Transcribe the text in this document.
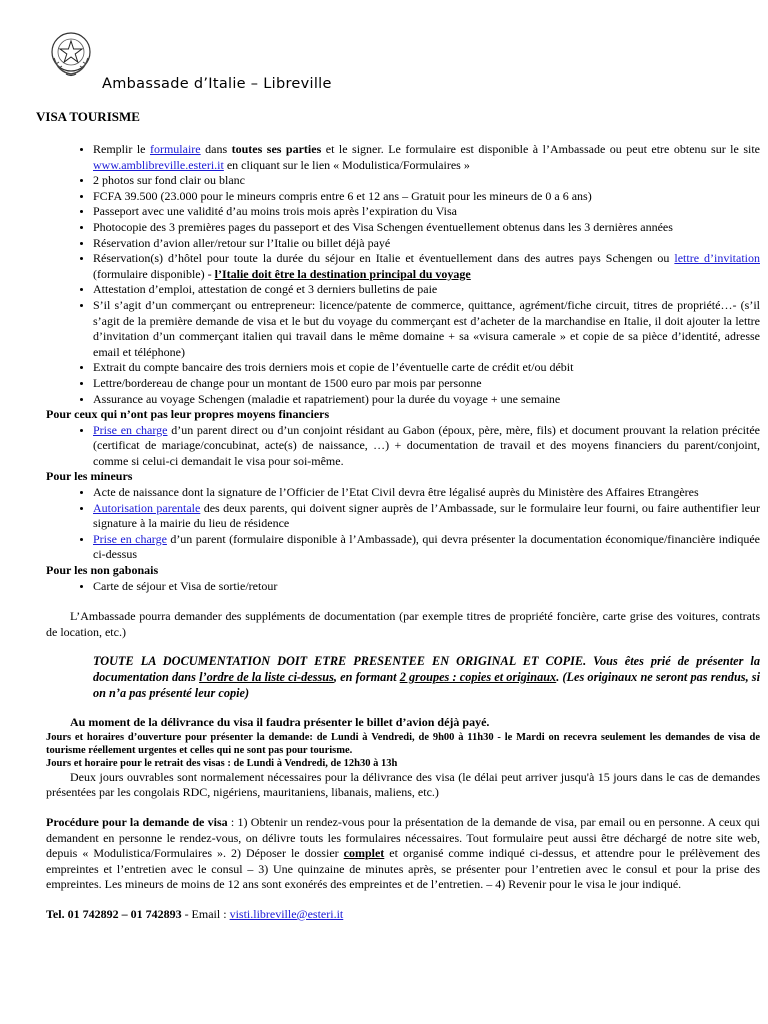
Ambassade d’Italie – Libreville
VISA TOURISME
• Remplir le formulaire dans toutes ses parties et le signer. Le formulaire est disponible à l’Ambassade ou peut etre obtenu sur le site www.amblibreville.esteri.it en cliquant sur le lien « Modulistica/Formulaires »
• 2 photos sur fond clair ou blanc
• FCFA 39.500 (23.000 pour le mineurs compris entre 6 et 12 ans – Gratuit pour les mineurs de 0 a 6 ans)
• Passeport avec une validité d’au moins trois mois après l’expiration du Visa
• Photocopie des 3 premières pages du passeport et des Visa Schengen éventuellement obtenus dans les 3 dernières années
• Réservation d’avion aller/retour sur l’Italie ou billet déjà payé
• Réservation(s) d’hôtel pour toute la durée du séjour en Italie et éventuellement dans des autres pays Schengen ou lettre d’invitation (formulaire disponible) - l’Italie doit être la destination principal du voyage
• Attestation d’emploi, attestation de congé et 3 derniers bulletins de paie
• S’il s’agit d’un commerçant ou entrepreneur: licence/patente de commerce, quittance, agrément/fiche circuit, titres de propriété…- (s’il s’agit de la première demande de visa et le but du voyage du commerçant est d’acheter de la marchandise en Italie, il doit ajouter la lettre d’invitation d’un commerçant italien qui travail dans le même domaine + sa «visura camerale » et copie de sa pièce d’identité, adresse email et téléphone)
• Extrait du compte bancaire des trois derniers mois et copie de l’éventuelle carte de crédit et/ou débit
• Lettre/bordereau de change pour un montant de 1500 euro par mois par personne
• Assurance au voyage Schengen (maladie et rapatriement) pour la durée du voyage + une semaine

Pour ceux qui n’ont pas leur propres moyens financiers

• Prise en charge d’un parent direct ou d’un conjoint résidant au Gabon (époux, père, mère, fils) et document prouvant la relation précitée (certificat de mariage/concubinat, acte(s) de naissance, …) + documentation de travail et des moyens financiers du parent/conjoint, comme si celui-ci demandait le visa pour soi-même.

Pour les mineurs

• Acte de naissance dont la signature de l’Officier de l’Etat Civil devra être légalisé auprès du Ministère des Affaires Etrangères
• Autorisation parentale des deux parents, qui doivent signer auprès de l’Ambassade, sur le formulaire leur fourni, ou faire authentifier leur signature à la mairie du lieu de résidence
• Prise en charge d’un parent (formulaire disponible à l’Ambassade), qui devra présenter la documentation économique/financière indiquée ci-dessus

Pour les non gabonais

• Carte de séjour et Visa de sortie/retour

L’Ambassade pourra demander des suppléments de documentation (par exemple titres de propriété foncière, carte grise des voitures, contrats de location, etc.)

TOUTE LA DOCUMENTATION DOIT ETRE PRESENTEE EN ORIGINAL ET COPIE. Vous êtes prié de présenter la documentation dans l’ordre de la liste ci-dessus, en formant 2 groupes : copies et originaux. (Les originaux ne seront pas rendus, si on n’a pas présenté leur copie)

Au moment de la délivrance du visa il faudra présenter le billet d’avion déjà payé.

Jours et horaires d’ouverture pour présenter la demande: de Lundi à Vendredi, de 9h00 à 11h30 - le Mardi on recevra seulement les demandes de visa de tourisme réellement urgentes et celles qui ne sont pas pour tourisme.

Jours et horaire pour le retrait des visas : de Lundi à Vendredi, de 12h30 à 13h

Deux jours ouvrables sont normalement nécessaires pour la délivrance des visa (le délai peut arriver jusqu'à 15 jours dans le cas de demandes présentées par les congolais RDC, nigériens, mauritaniens, libanais, maliens, etc.)

Procédure pour la demande de visa : 1) Obtenir un rendez-vous pour la présentation de la demande de visa, par email ou en personne. A ceux qui demandent en personne le rendez-vous, on délivre touts les formulaires nécessaires. Tout formulaire peut aussi être déchargé de notre site web, depuis « Modulistica/Formulaires ». 2) Déposer le dossier complet et organisé comme indiqué ci-dessus, et attendre pour le prélèvement des empreintes et l’entretien avec le consul – 3) Une quinzaine de minutes après, se présenter pour l’entretien avec le consul et pour la prise des empreintes. Les mineurs de moins de 12 ans sont exonérés des empreintes et de l’entretien. – 4) Revenir pour le visa le jour indiqué.

Tel. 01 742892 – 01 742893 - Email : visti.libreville@esteri.it
